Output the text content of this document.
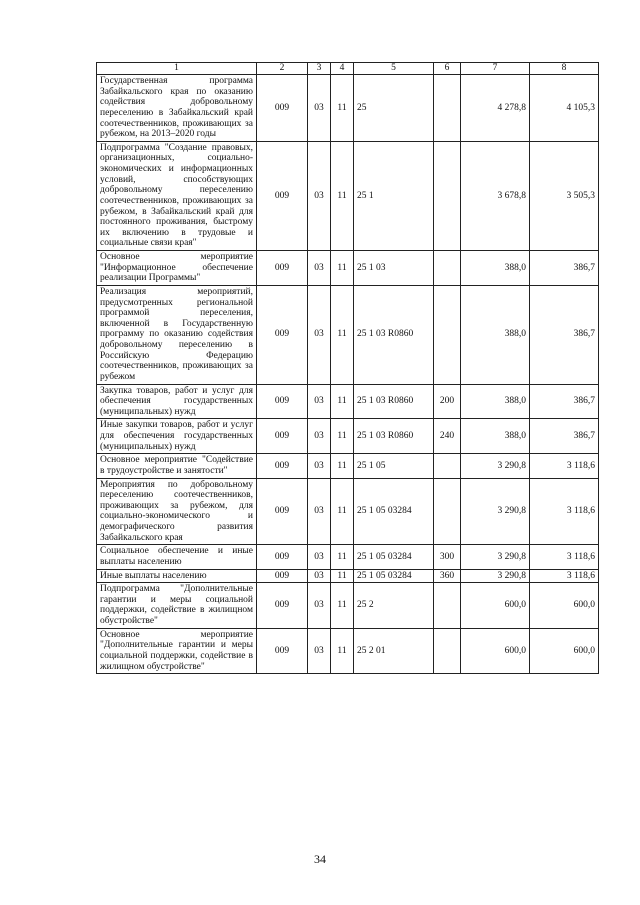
1	2	3	4	5	6	7	8
Государственная программа Забайкальского края по оказанию содействия добровольному переселению в Забайкальский край соотечественников, проживающих за рубежом, на 2013–2020 годы	009	03	11	25		4 278,8	4 105,3
Подпрограмма "Создание правовых, организационных, социально-экономических и информационных условий, способствующих добровольному переселению соотечественников, проживающих за рубежом, в Забайкальский край для постоянного проживания, быстрому их включению в трудовые и социальные связи края"	009	03	11	25 1		3 678,8	3 505,3
Основное мероприятие "Информационное обеспечение реализации Программы"	009	03	11	25 1 03		388,0	386,7
Реализация мероприятий, предусмотренных региональной программой переселения, включенной в Государственную программу по оказанию содействия добровольному переселению в Российскую Федерацию соотечественников, проживающих за рубежом	009	03	11	25 1 03 R0860		388,0	386,7
Закупка товаров, работ и услуг для обеспечения государственных (муниципальных) нужд	009	03	11	25 1 03 R0860	200	388,0	386,7
Иные закупки товаров, работ и услуг для обеспечения государственных (муниципальных) нужд	009	03	11	25 1 03 R0860	240	388,0	386,7
Основное мероприятие "Содействие в трудоустройстве и занятости"	009	03	11	25 1 05		3 290,8	3 118,6
Мероприятия по добровольному переселению соотечественников, проживающих за рубежом, для социально-экономического и демографического развития Забайкальского края	009	03	11	25 1 05 03284		3 290,8	3 118,6
Социальное обеспечение и иные выплаты населению	009	03	11	25 1 05 03284	300	3 290,8	3 118,6
Иные выплаты населению	009	03	11	25 1 05 03284	360	3 290,8	3 118,6
Подпрограмма "Дополнительные гарантии и меры социальной поддержки, содействие в жилищном обустройстве"	009	03	11	25 2		600,0	600,0
Основное мероприятие "Дополнительные гарантии и меры социальной поддержки, содействие в жилищном обустройстве"	009	03	11	25 2 01		600,0	600,0
34
